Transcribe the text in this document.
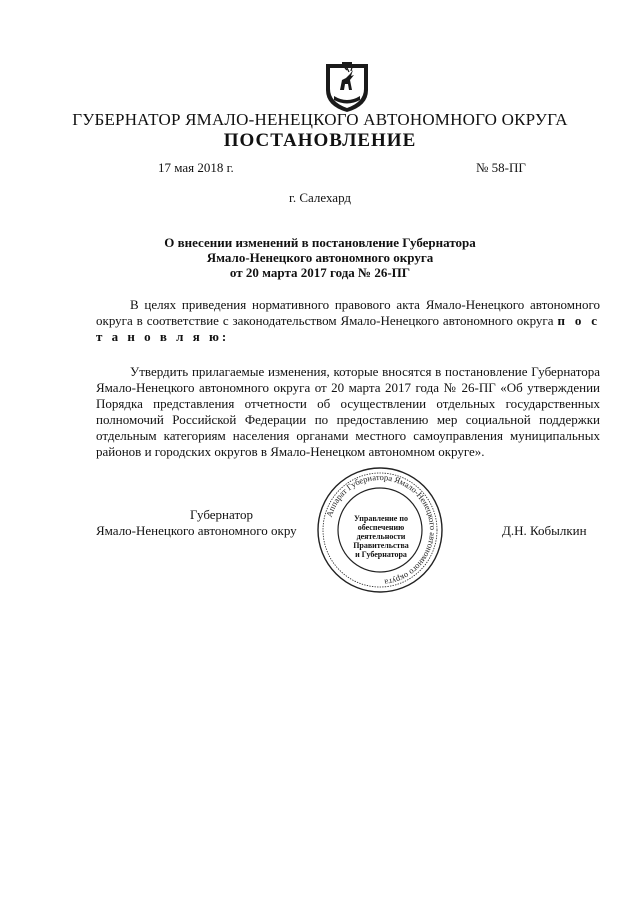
ГУБЕРНАТОР ЯМАЛО-НЕНЕЦКОГО АВТОНОМНОГО ОКРУГА
ПОСТАНОВЛЕНИЕ
17 мая 2018 г.	№ 58-ПГ
г. Салехард
О внесении изменений в постановление Губернатора
Ямало-Ненецкого автономного округа
от 20 марта 2017 года № 26-ПГ
В целях приведения нормативного правового акта Ямало-Ненецкого автономного округа в соответствие с законодательством Ямало-Ненецкого автономного округа п о с т а н о в л я ю:
Утвердить прилагаемые изменения, которые вносятся в постановление Губернатора Ямало-Ненецкого автономного округа от 20 марта 2017 года № 26-ПГ «Об утверждении Порядка представления отчетности об осуществлении отдельных государственных полномочий Российской Федерации по предоставлению мер социальной поддержки отдельным категориям населения органами местного самоуправления муниципальных районов и городских округов в Ямало-Ненецком автономном округе».
Губернатор
Ямало-Ненецкого автономного окру
Аппарат Губернатора Ямало-Ненецкого автономного округа
Управление по
обеспечению
деятельности
Правительства
и Губернатора
Д.Н. Кобылкин
